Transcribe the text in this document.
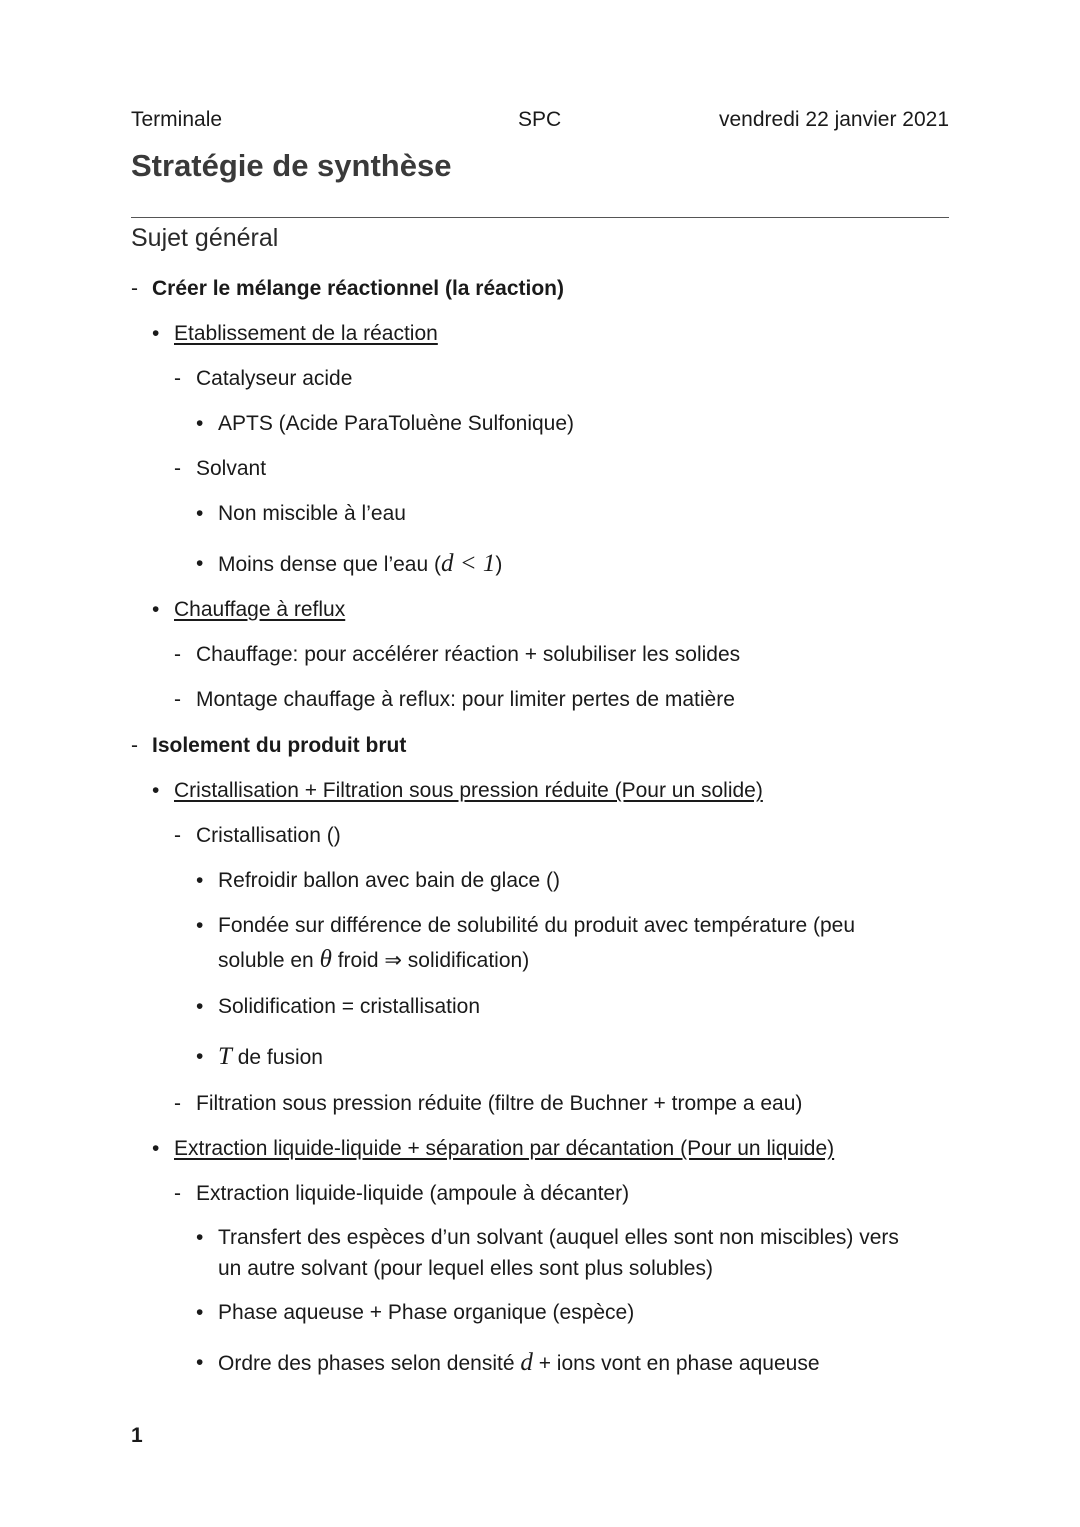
Terminale	SPC	vendredi 22 janvier 2021
Stratégie de synthèse
Sujet général
- Créer le mélange réactionnel (la réaction)
• Etablissement de la réaction
- Catalyseur acide
• APTS (Acide ParaToluène Sulfonique)
- Solvant
• Non miscible à l’eau
• Moins dense que l’eau (d < 1)
• Chauffage à reflux
- Chauffage: pour accélérer réaction + solubiliser les solides
- Montage chauffage à reflux: pour limiter pertes de matière
- Isolement du produit brut
• Cristallisation + Filtration sous pression réduite (Pour un solide)
- Cristallisation ()
• Refroidir ballon avec bain de glace ()
• Fondée sur différence de solubilité du produit avec température (peu
soluble en θ froid ⇒ solidification)
• Solidification = cristallisation
• T de fusion
- Filtration sous pression réduite (filtre de Buchner + trompe a eau)
• Extraction liquide-liquide + séparation par décantation (Pour un liquide)
- Extraction liquide-liquide (ampoule à décanter)
• Transfert des espèces d’un solvant (auquel elles sont non miscibles) vers
un autre solvant (pour lequel elles sont plus solubles)
• Phase aqueuse + Phase organique (espèce)
• Ordre des phases selon densité d + ions vont en phase aqueuse
1
